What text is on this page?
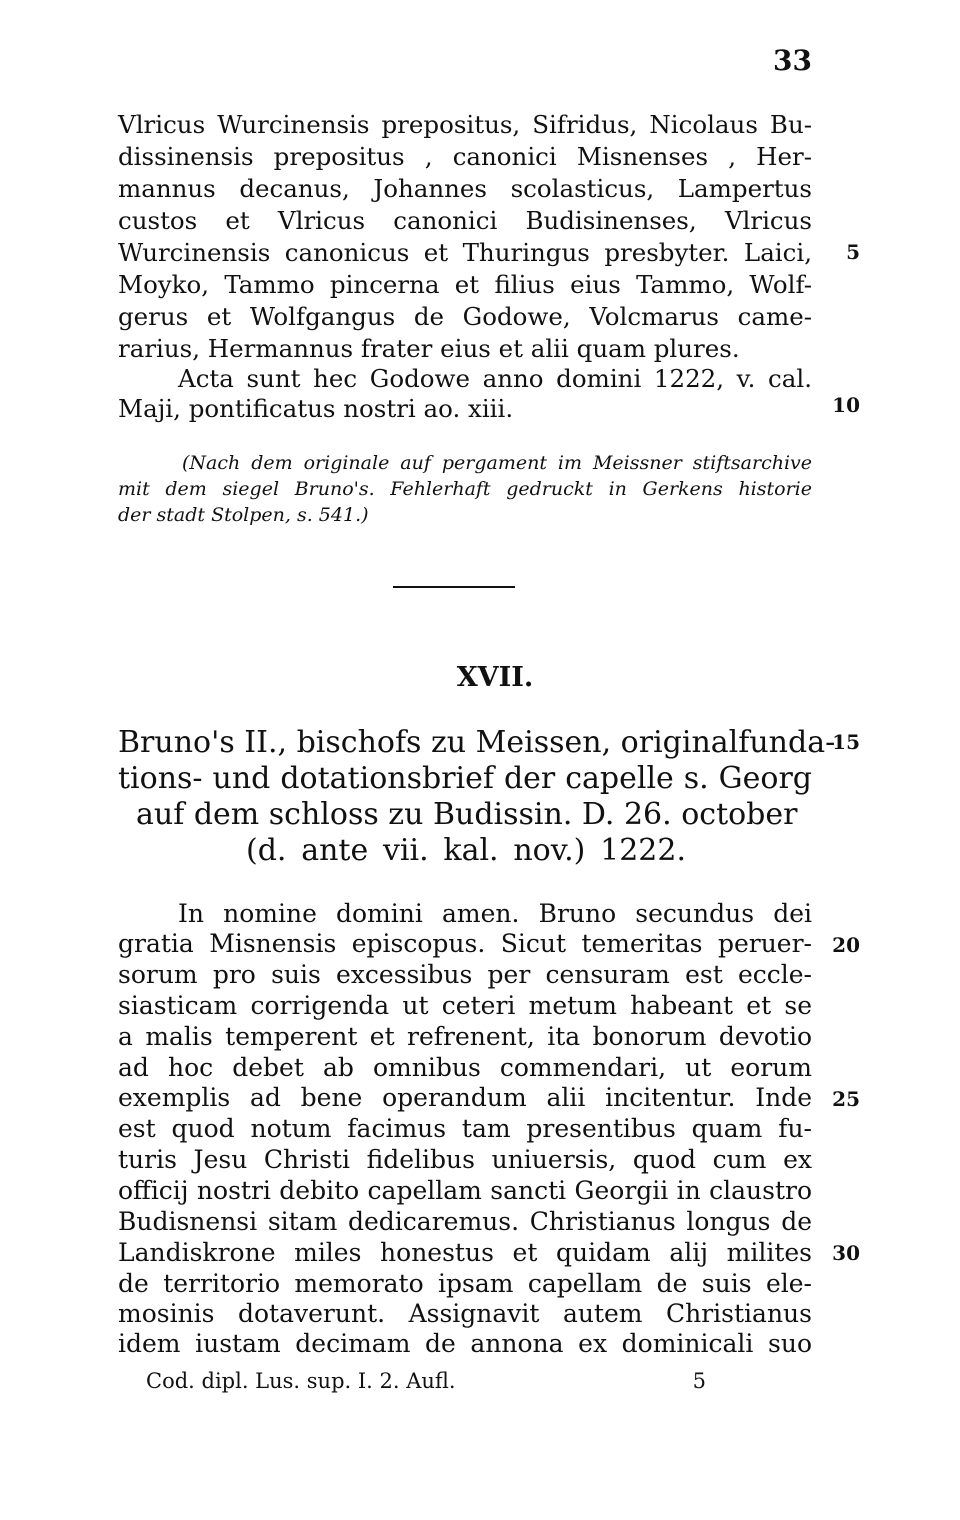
33
Vlricus Wurcinensis prepositus, Sifridus, Nicolaus Bu-
dissinensis prepositus , canonici Misnenses , Her-
mannus decanus, Johannes scolasticus, Lampertus
custos et Vlricus canonici Budisinenses, Vlricus
Wurcinensis canonicus et Thuringus presbyter. Laici,
Moyko, Tammo pincerna et filius eius Tammo, Wolf-
gerus et Wolfgangus de Godowe, Volcmarus came-
rarius, Hermannus frater eius et alii quam plures.
Acta sunt hec Godowe anno domini 1222, v. cal.
Maji, pontificatus nostri ao. xiii.
(Nach dem originale auf pergament im Meissner stiftsarchive
mit dem siegel Bruno's. Fehlerhaft gedruckt in Gerkens historie
der stadt Stolpen, s. 541.)
XVII.
Bruno's II., bischofs zu Meissen, originalfunda-
tions- und dotationsbrief der capelle s. Georg
auf dem schloss zu Budissin. D. 26. october
(d. ante vii. kal. nov.) 1222.
In nomine domini amen. Bruno secundus dei
gratia Misnensis episcopus. Sicut temeritas peruer-
sorum pro suis excessibus per censuram est eccle-
siasticam corrigenda ut ceteri metum habeant et se
a malis temperent et refrenent, ita bonorum devotio
ad hoc debet ab omnibus commendari, ut eorum
exemplis ad bene operandum alii incitentur. Inde
est quod notum facimus tam presentibus quam fu-
turis Jesu Christi fidelibus uniuersis, quod cum ex
officij nostri debito capellam sancti Georgii in claustro
Budisnensi sitam dedicaremus. Christianus longus de
Landiskrone miles honestus et quidam alij milites
de territorio memorato ipsam capellam de suis ele-
mosinis dotaverunt. Assignavit autem Christianus
idem iustam decimam de annona ex dominicali suo
5
10
15
20
25
30
Cod. dipl. Lus. sup. I. 2. Aufl.	5
